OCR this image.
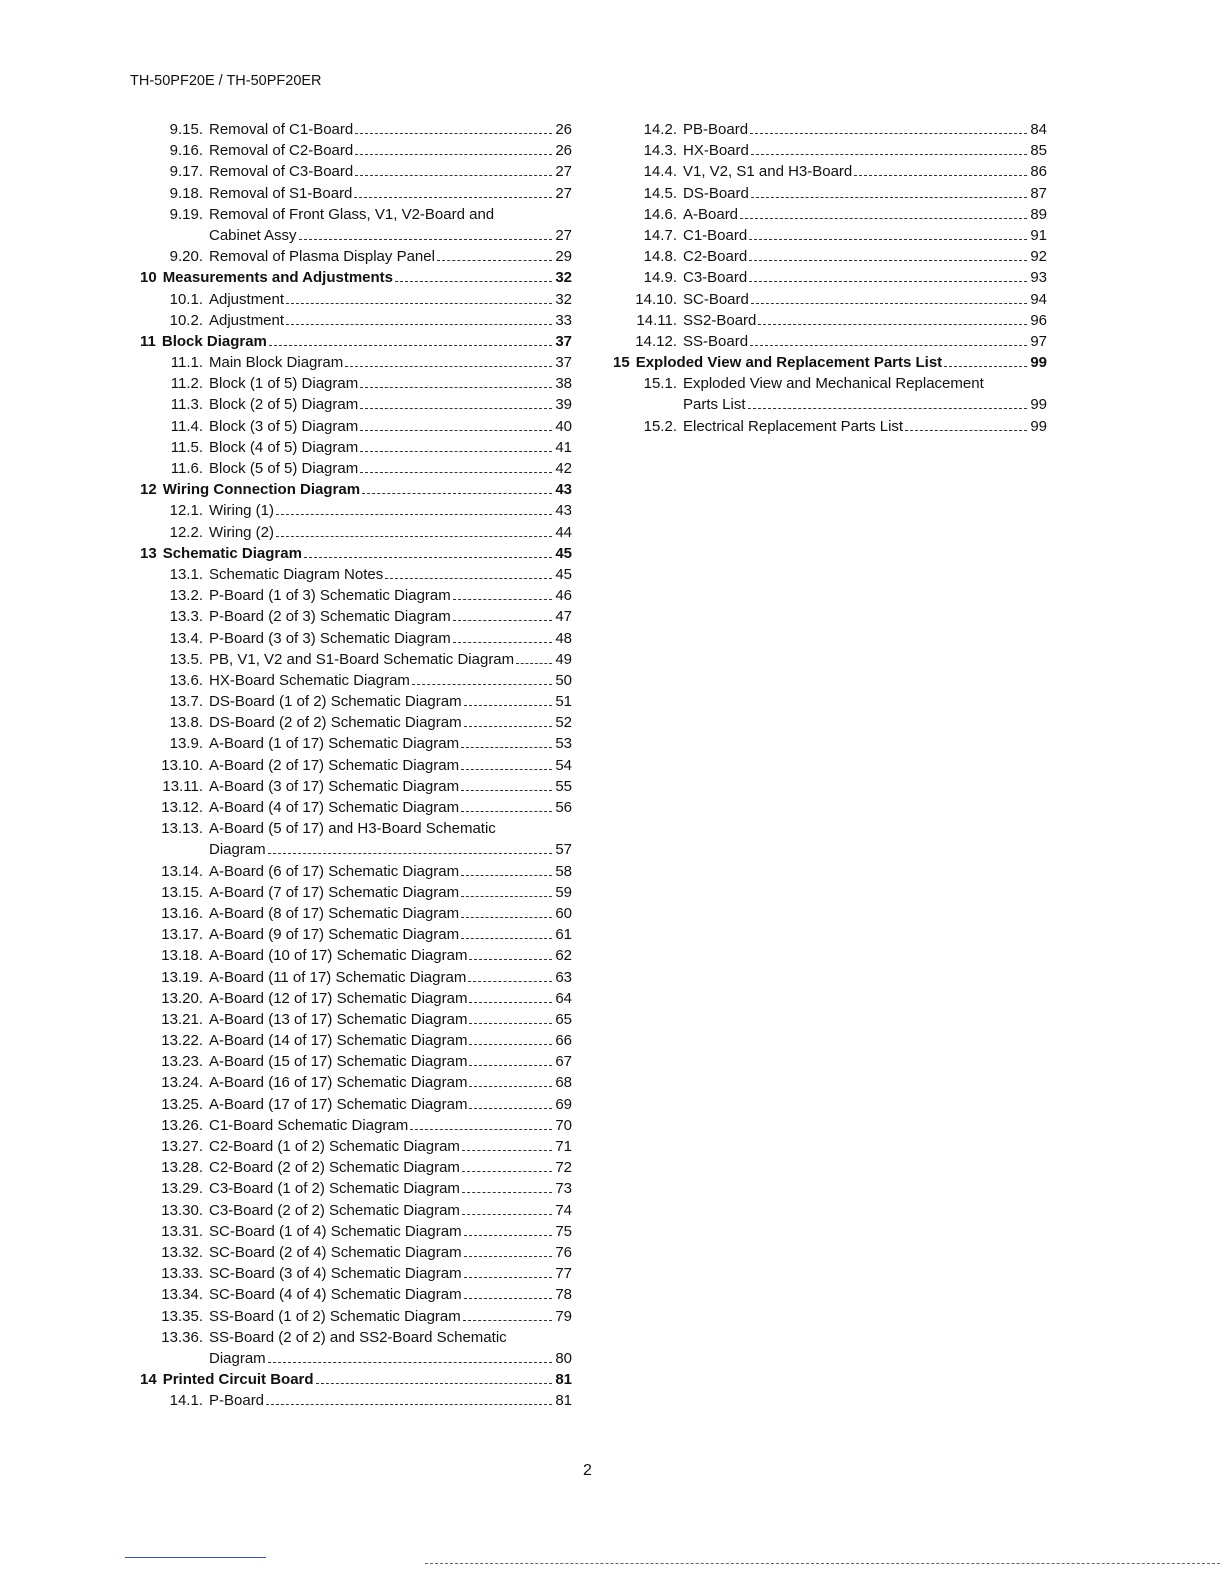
TH-50PF20E / TH-50PF20ER
9.15. Removal of C1-Board	26
9.16. Removal of C2-Board	26
9.17. Removal of C3-Board	27
9.18. Removal of S1-Board	27
9.19. Removal of Front Glass, V1, V2-Board and
Cabinet Assy	27
9.20. Removal of Plasma Display Panel	29
10 Measurements and Adjustments	32
10.1. Adjustment	32
10.2. Adjustment	33
11 Block Diagram	37
11.1. Main Block Diagram	37
11.2. Block (1 of 5) Diagram	38
11.3. Block (2 of 5) Diagram	39
11.4. Block (3 of 5) Diagram	40
11.5. Block (4 of 5) Diagram	41
11.6. Block (5 of 5) Diagram	42
12 Wiring Connection Diagram	43
12.1. Wiring (1)	43
12.2. Wiring (2)	44
13 Schematic Diagram	45
13.1. Schematic Diagram Notes	45
13.2. P-Board (1 of 3) Schematic Diagram	46
13.3. P-Board (2 of 3) Schematic Diagram	47
13.4. P-Board (3 of 3) Schematic Diagram	48
13.5. PB, V1, V2 and S1-Board Schematic Diagram	49
13.6. HX-Board Schematic Diagram	50
13.7. DS-Board (1 of 2) Schematic Diagram	51
13.8. DS-Board (2 of 2) Schematic Diagram	52
13.9. A-Board (1 of 17) Schematic Diagram	53
13.10. A-Board (2 of 17) Schematic Diagram	54
13.11. A-Board (3 of 17) Schematic Diagram	55
13.12. A-Board (4 of 17) Schematic Diagram	56
13.13. A-Board (5 of 17) and H3-Board Schematic
Diagram	57
13.14. A-Board (6 of 17) Schematic Diagram	58
13.15. A-Board (7 of 17) Schematic Diagram	59
13.16. A-Board (8 of 17) Schematic Diagram	60
13.17. A-Board (9 of 17) Schematic Diagram	61
13.18. A-Board (10 of 17) Schematic Diagram	62
13.19. A-Board (11 of 17) Schematic Diagram	63
13.20. A-Board (12 of 17) Schematic Diagram	64
13.21. A-Board (13 of 17) Schematic Diagram	65
13.22. A-Board (14 of 17) Schematic Diagram	66
13.23. A-Board (15 of 17) Schematic Diagram	67
13.24. A-Board (16 of 17) Schematic Diagram	68
13.25. A-Board (17 of 17) Schematic Diagram	69
13.26. C1-Board Schematic Diagram	70
13.27. C2-Board (1 of 2) Schematic Diagram	71
13.28. C2-Board (2 of 2) Schematic Diagram	72
13.29. C3-Board (1 of 2) Schematic Diagram	73
13.30. C3-Board (2 of 2) Schematic Diagram	74
13.31. SC-Board (1 of 4) Schematic Diagram	75
13.32. SC-Board (2 of 4) Schematic Diagram	76
13.33. SC-Board (3 of 4) Schematic Diagram	77
13.34. SC-Board (4 of 4) Schematic Diagram	78
13.35. SS-Board (1 of 2) Schematic Diagram	79
13.36. SS-Board (2 of 2) and SS2-Board Schematic
Diagram	80
14 Printed Circuit Board	81
14.1. P-Board	81
14.2. PB-Board	84
14.3. HX-Board	85
14.4. V1, V2, S1 and H3-Board	86
14.5. DS-Board	87
14.6. A-Board	89
14.7. C1-Board	91
14.8. C2-Board	92
14.9. C3-Board	93
14.10. SC-Board	94
14.11. SS2-Board	96
14.12. SS-Board	97
15 Exploded View and Replacement Parts List	99
15.1. Exploded View and Mechanical Replacement
Parts List	99
15.2. Electrical Replacement Parts List	99
2
